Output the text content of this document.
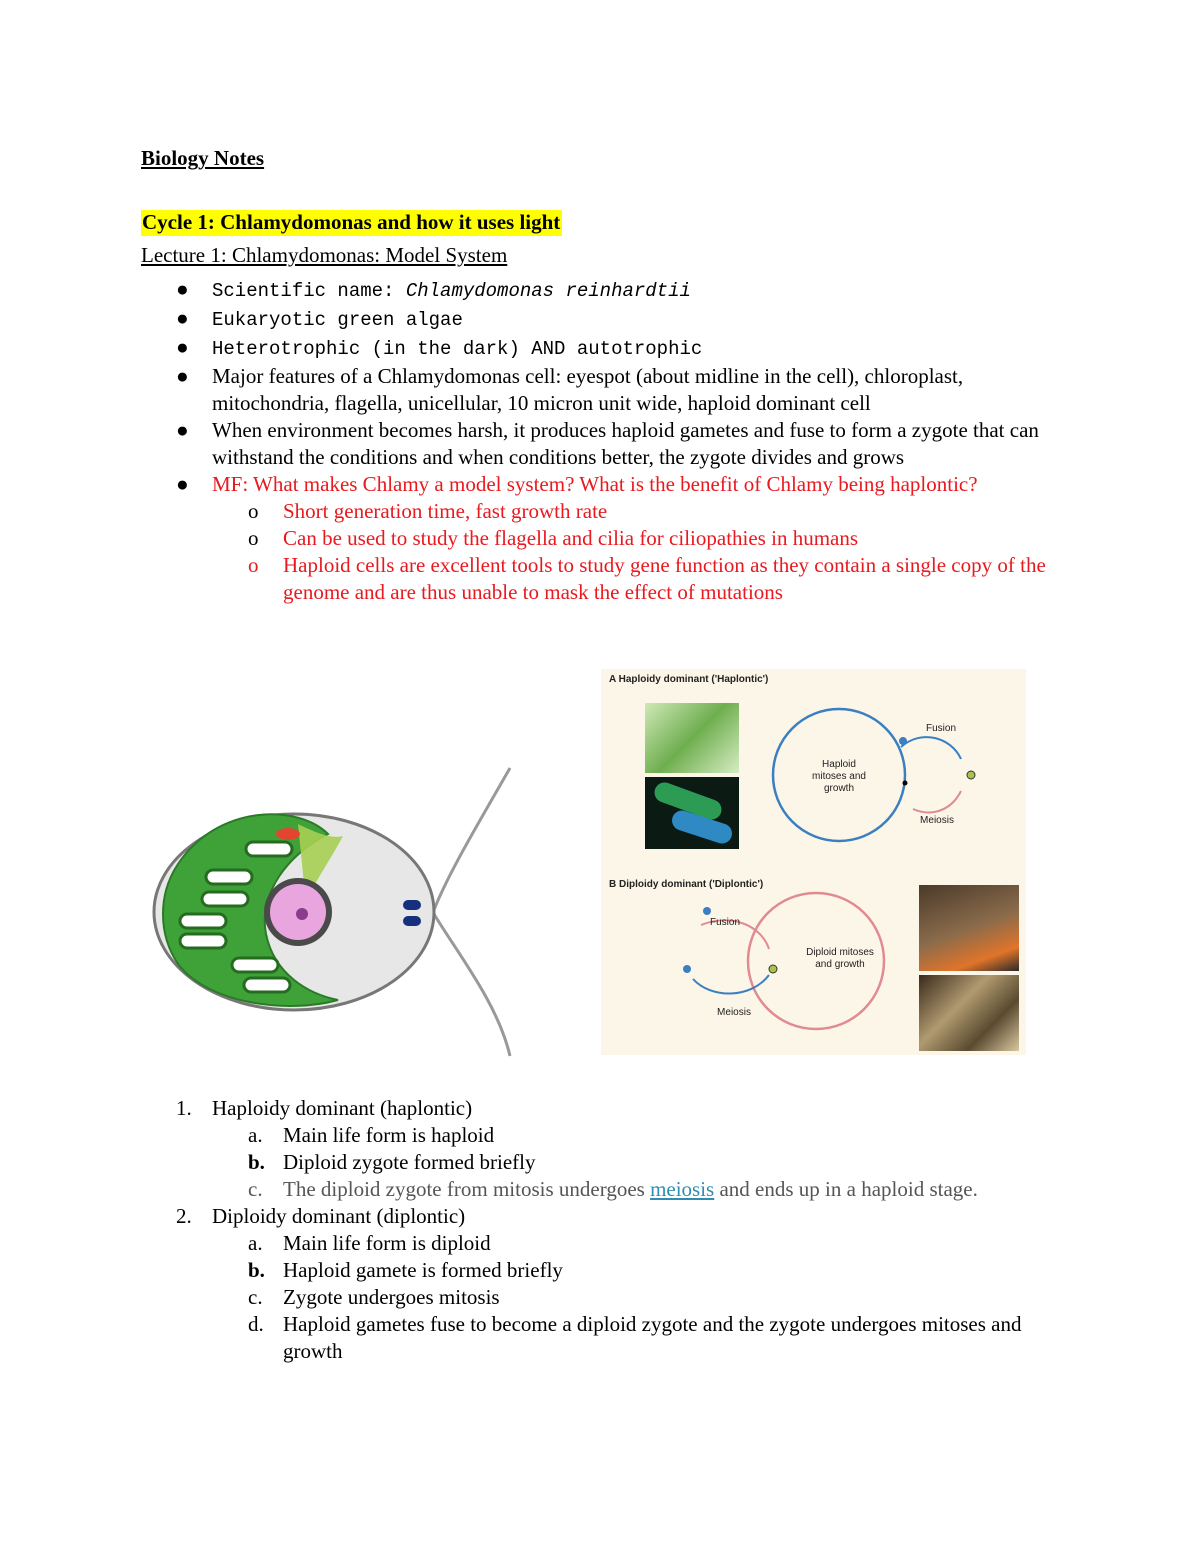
Biology Notes
Cycle 1: Chlamydomonas and how it uses light
Lecture 1: Chlamydomonas: Model System
● Scientific name: Chlamydomonas reinhardtii
● Eukaryotic green algae
● Heterotrophic (in the dark) AND autotrophic
● Major features of a Chlamydomonas cell: eyespot (about midline in the cell), chloroplast, mitochondria, flagella, unicellular, 10 micron unit wide, haploid dominant cell
● When environment becomes harsh, it produces haploid gametes and fuse to form a zygote that can withstand the conditions and when conditions better, the zygote divides and grows
● MF: What makes Chlamy a model system? What is the benefit of Chlamy being haplontic?
o Short generation time, fast growth rate
o Can be used to study the flagella and cilia for ciliopathies in humans
o Haploid cells are excellent tools to study gene function as they contain a single copy of the genome and are thus unable to mask the effect of mutations
A Haploidy dominant ('Haplontic')
Haploid mitoses and growth
Fusion
Meiosis
B Diploidy dominant ('Diplontic')
Diploid mitoses and growth
Fusion
Meiosis
1. Haploidy dominant (haplontic)
a. Main life form is haploid
b. Diploid zygote formed briefly
c. The diploid zygote from mitosis undergoes meiosis and ends up in a haploid stage.
2. Diploidy dominant (diplontic)
a. Main life form is diploid
b. Haploid gamete is formed briefly
c. Zygote undergoes mitosis
d. Haploid gametes fuse to become a diploid zygote and the zygote undergoes mitoses and growth
